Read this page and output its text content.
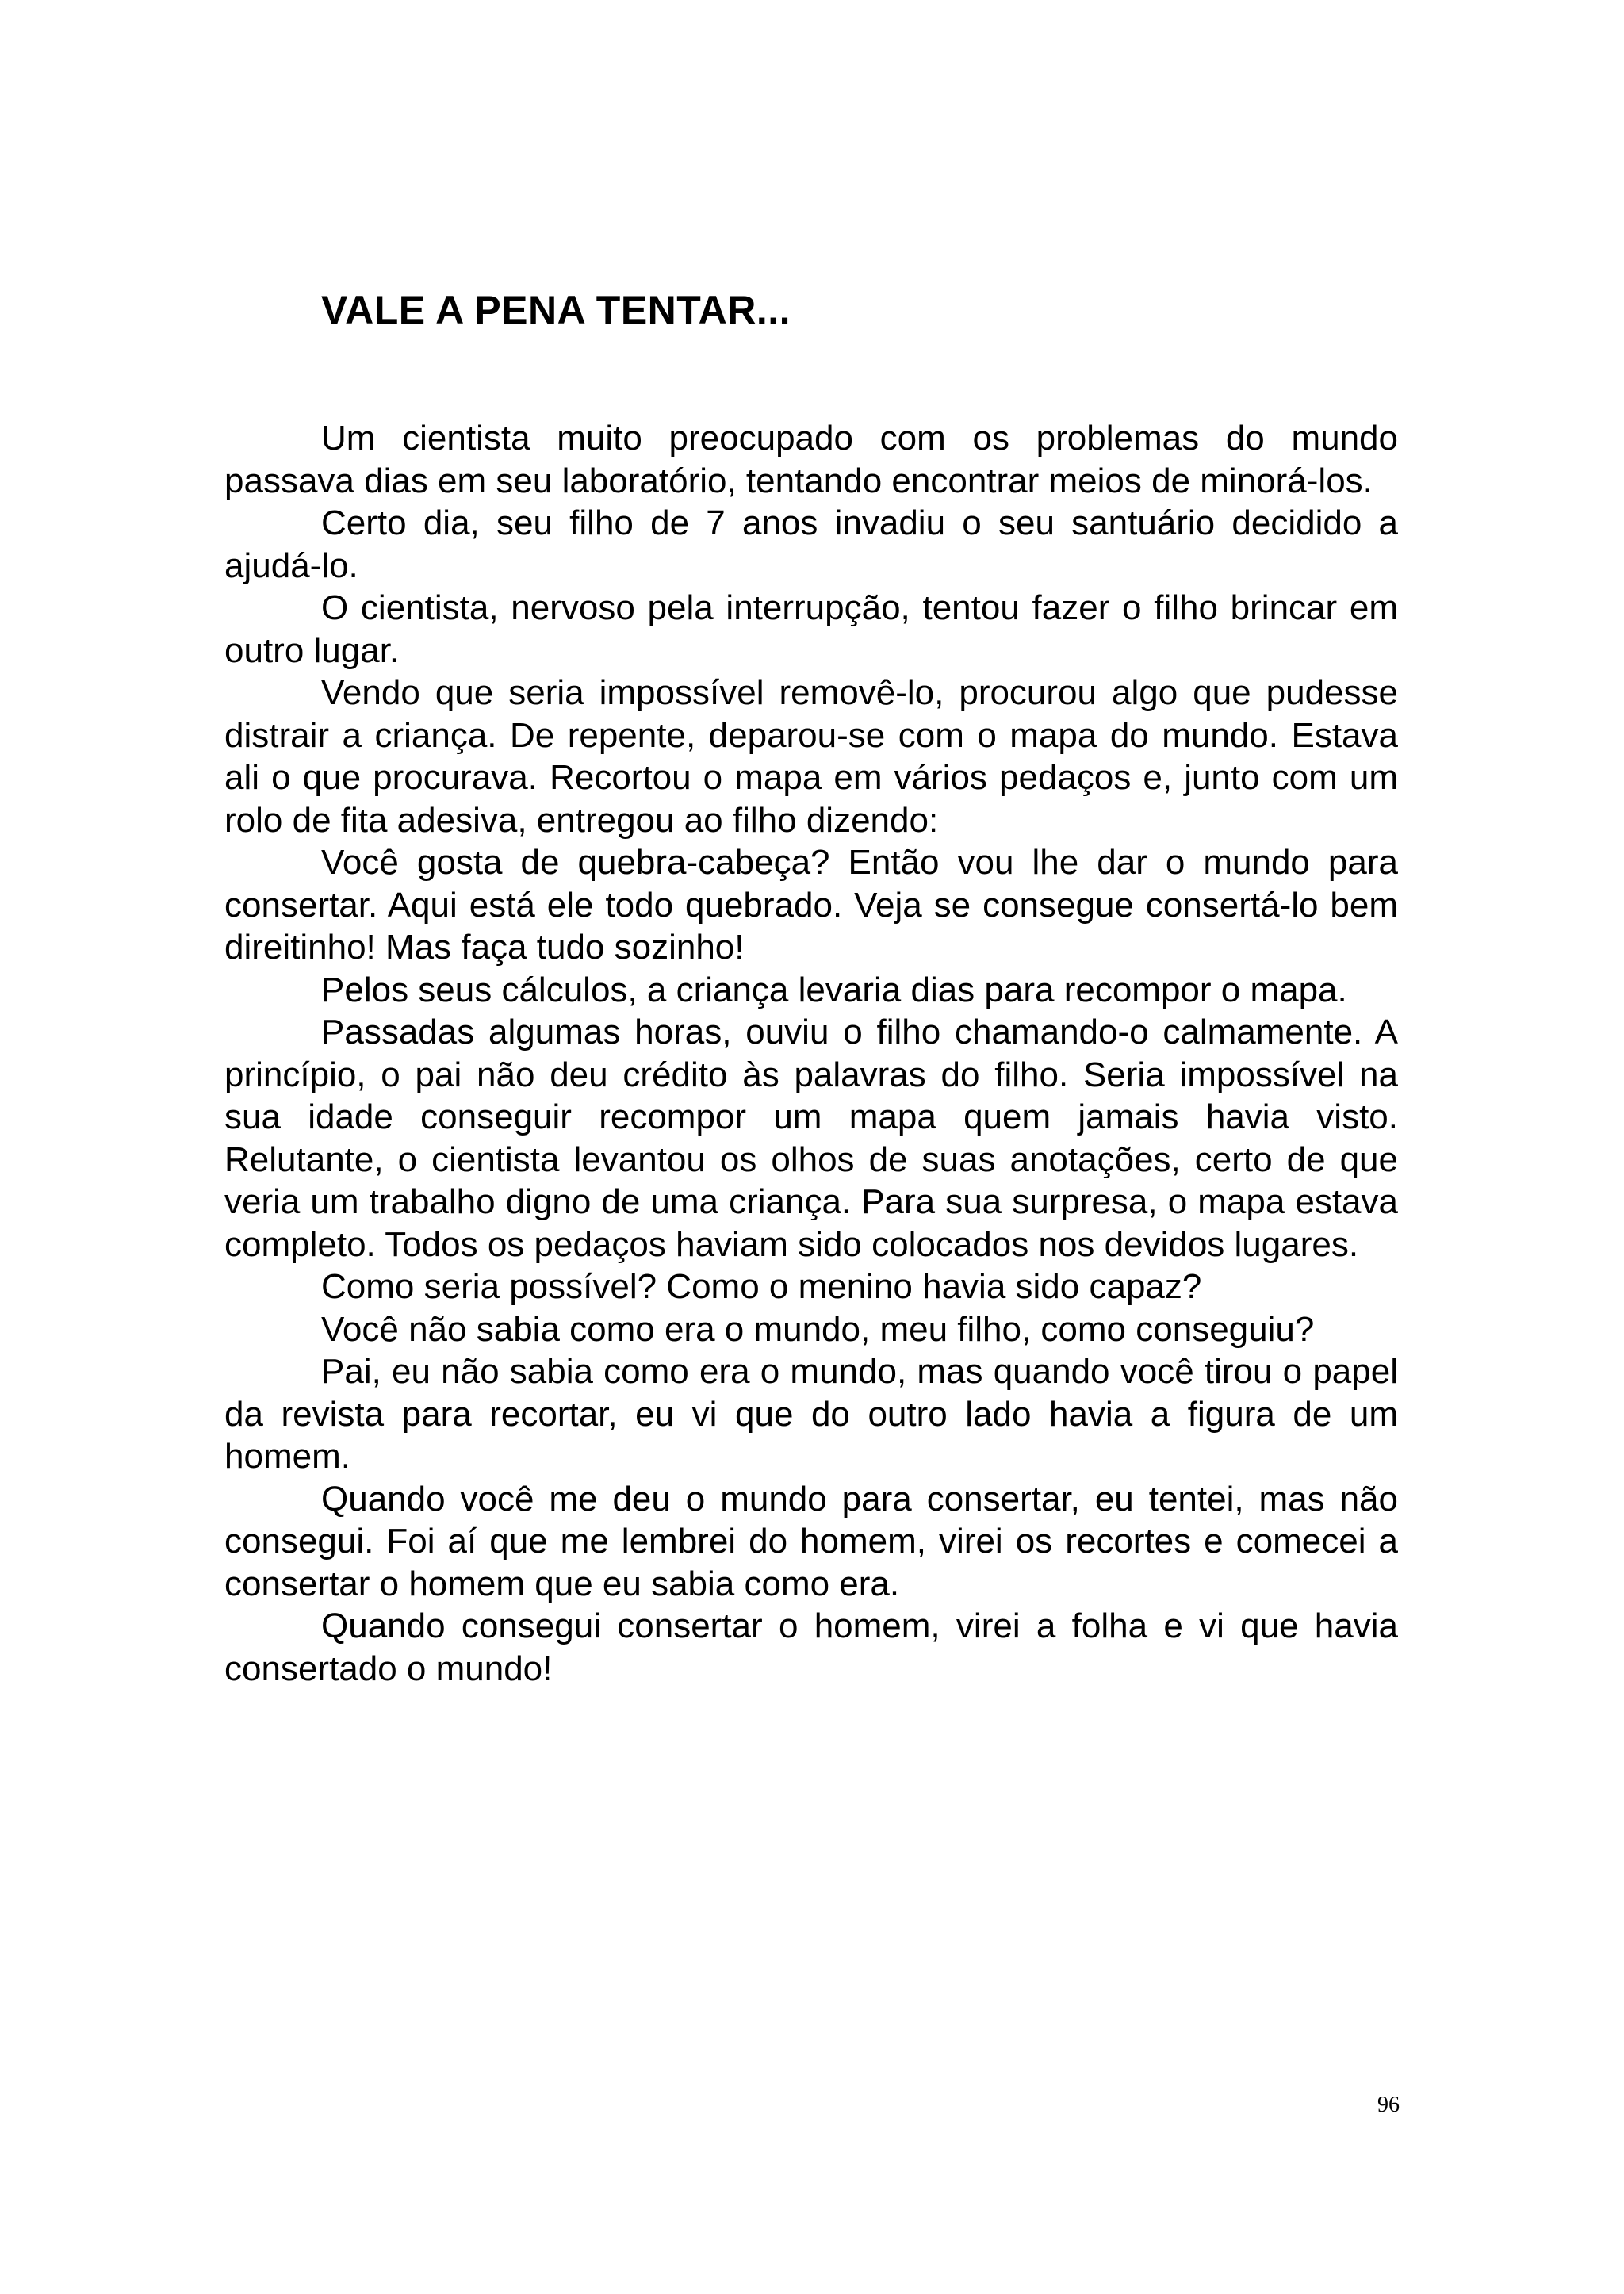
VALE A PENA TENTAR...

Um cientista muito preocupado com os problemas do mundo passava dias em seu laboratório, tentando encontrar meios de minorá-los.

Certo dia, seu filho de 7 anos invadiu o seu santuário decidido a ajudá-lo.

O cientista, nervoso pela interrupção, tentou fazer o filho brincar em outro lugar.

Vendo que seria impossível removê-lo, procurou algo que pudesse distrair a criança. De repente, deparou-se com o mapa do mundo. Estava ali o que procurava. Recortou o mapa em vários pedaços e, junto com um rolo de fita adesiva, entregou ao filho dizendo:

Você gosta de quebra-cabeça? Então vou lhe dar o mundo para consertar. Aqui está ele todo quebrado. Veja se consegue consertá-lo bem direitinho! Mas faça tudo sozinho!

Pelos seus cálculos, a criança levaria dias para recompor o mapa.

Passadas algumas horas, ouviu o filho chamando-o calmamente. A princípio, o pai não deu crédito às palavras do filho. Seria impossível na sua idade conseguir recompor um mapa quem jamais havia visto. Relutante, o cientista levantou os olhos de suas anotações, certo de que veria um trabalho digno de uma criança. Para sua surpresa, o mapa estava completo. Todos os pedaços haviam sido colocados nos devidos lugares.

Como seria possível? Como o menino havia sido capaz?

Você não sabia como era o mundo, meu filho, como conseguiu?

Pai, eu não sabia como era o mundo, mas quando você tirou o papel da revista para recortar, eu vi que do outro lado havia a figura de um homem.

Quando você me deu o mundo para consertar, eu tentei, mas não consegui. Foi aí que me lembrei do homem, virei os recortes e comecei a consertar o homem que eu sabia como era.

Quando consegui consertar o homem, virei a folha e vi que havia consertado o mundo!

96
